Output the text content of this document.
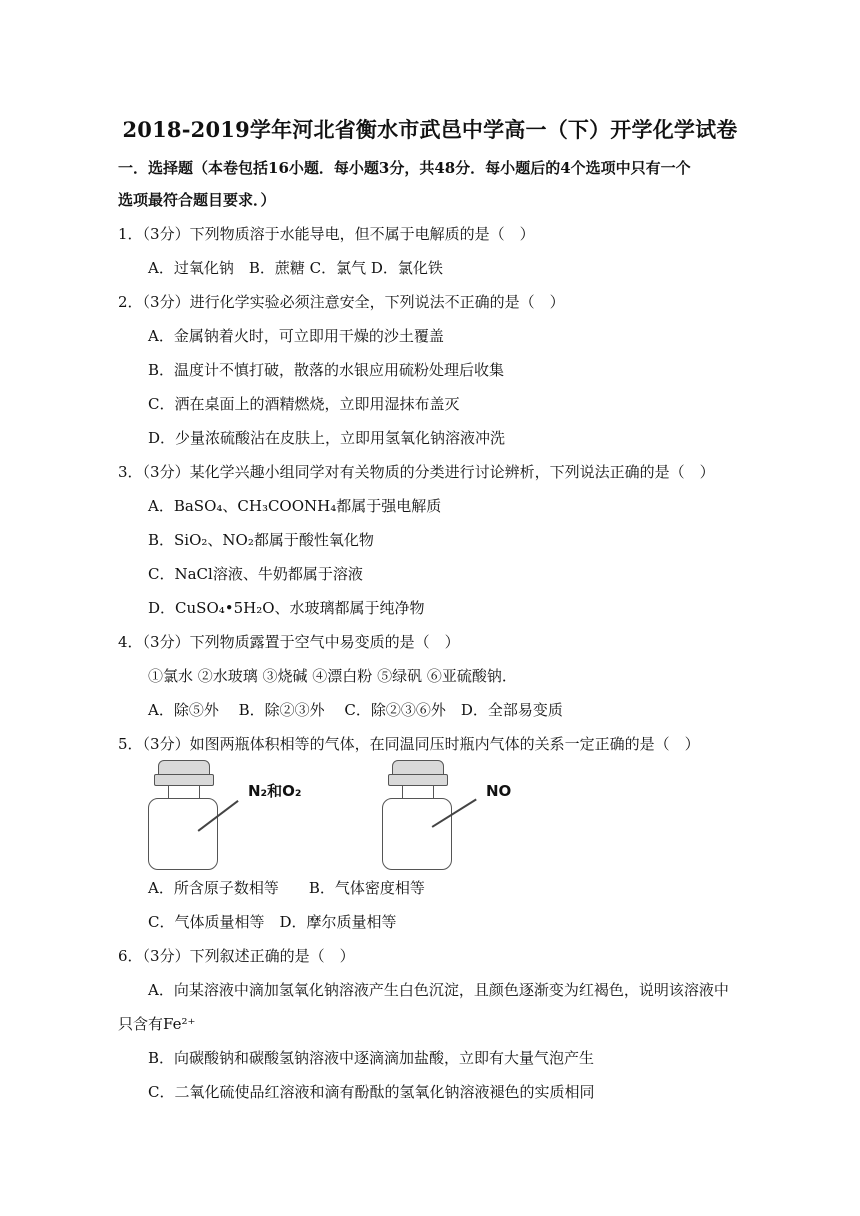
2018-2019学年河北省衡水市武邑中学高一（下）开学化学试卷
一．选择题（本卷包括16小题．每小题3分，共48分．每小题后的4个选项中只有一个
选项最符合题目要求．）
1．（3分）下列物质溶于水能导电，但不属于电解质的是（　）
A．过氧化钠　B．蔗糖 C．氯气 D．氯化铁
2．（3分）进行化学实验必须注意安全，下列说法不正确的是（　）
A．金属钠着火时，可立即用干燥的沙土覆盖
B．温度计不慎打破，散落的水银应用硫粉处理后收集
C．洒在桌面上的酒精燃烧，立即用湿抹布盖灭
D．少量浓硫酸沾在皮肤上，立即用氢氧化钠溶液冲洗
3．（3分）某化学兴趣小组同学对有关物质的分类进行讨论辨析，下列说法正确的是（　）
A．BaSO₄、CH₃COONH₄都属于强电解质
B．SiO₂、NO₂都属于酸性氧化物
C．NaCl溶液、牛奶都属于溶液
D．CuSO₄•5H₂O、水玻璃都属于纯净物
4．（3分）下列物质露置于空气中易变质的是（　）
①氯水 ②水玻璃 ③烧碱 ④漂白粉 ⑤绿矾 ⑥亚硫酸钠．
A．除⑤外　 B．除②③外　 C．除②③⑥外　D．全部易变质
5．（3分）如图两瓶体积相等的气体，在同温同压时瓶内气体的关系一定正确的是（　）
N₂和O₂	NO
A．所含原子数相等　　B．气体密度相等
C．气体质量相等　D．摩尔质量相等
6．（3分）下列叙述正确的是（　）
A．向某溶液中滴加氢氧化钠溶液产生白色沉淀，且颜色逐渐变为红褐色，说明该溶液中
只含有Fe²⁺
B．向碳酸钠和碳酸氢钠溶液中逐滴滴加盐酸，立即有大量气泡产生
C．二氧化硫使品红溶液和滴有酚酞的氢氧化钠溶液褪色的实质相同
